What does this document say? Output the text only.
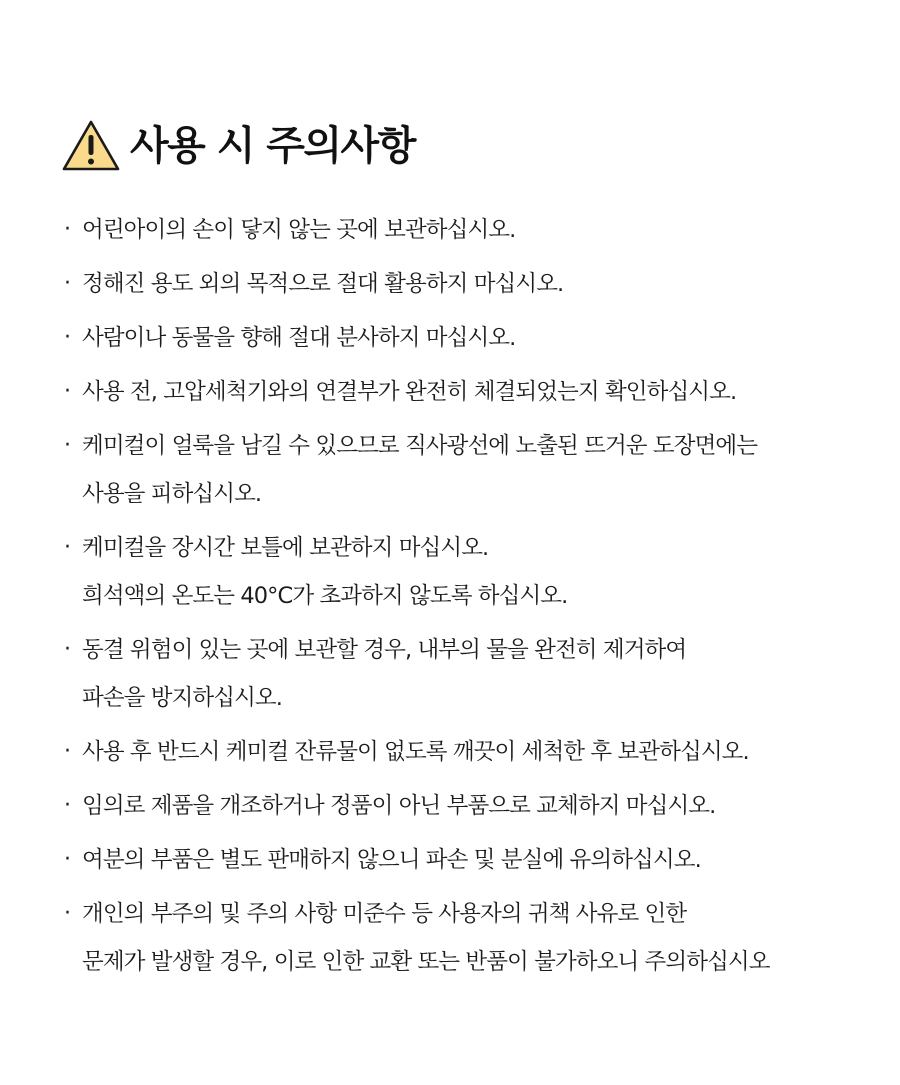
사용 시 주의사항
· 어린아이의 손이 닿지 않는 곳에 보관하십시오.
· 정해진 용도 외의 목적으로 절대 활용하지 마십시오.
· 사람이나 동물을 향해 절대 분사하지 마십시오.
· 사용 전, 고압세척기와의 연결부가 완전히 체결되었는지 확인하십시오.
· 케미컬이 얼룩을 남길 수 있으므로 직사광선에 노출된 뜨거운 도장면에는
사용을 피하십시오.
· 케미컬을 장시간 보틀에 보관하지 마십시오.
희석액의 온도는 40°C가 초과하지 않도록 하십시오.
· 동결 위험이 있는 곳에 보관할 경우, 내부의 물을 완전히 제거하여
파손을 방지하십시오.
· 사용 후 반드시 케미컬 잔류물이 없도록 깨끗이 세척한 후 보관하십시오.
· 임의로 제품을 개조하거나 정품이 아닌 부품으로 교체하지 마십시오.
· 여분의 부품은 별도 판매하지 않으니 파손 및 분실에 유의하십시오.
· 개인의 부주의 및 주의 사항 미준수 등 사용자의 귀책 사유로 인한
문제가 발생할 경우, 이로 인한 교환 또는 반품이 불가하오니 주의하십시오
